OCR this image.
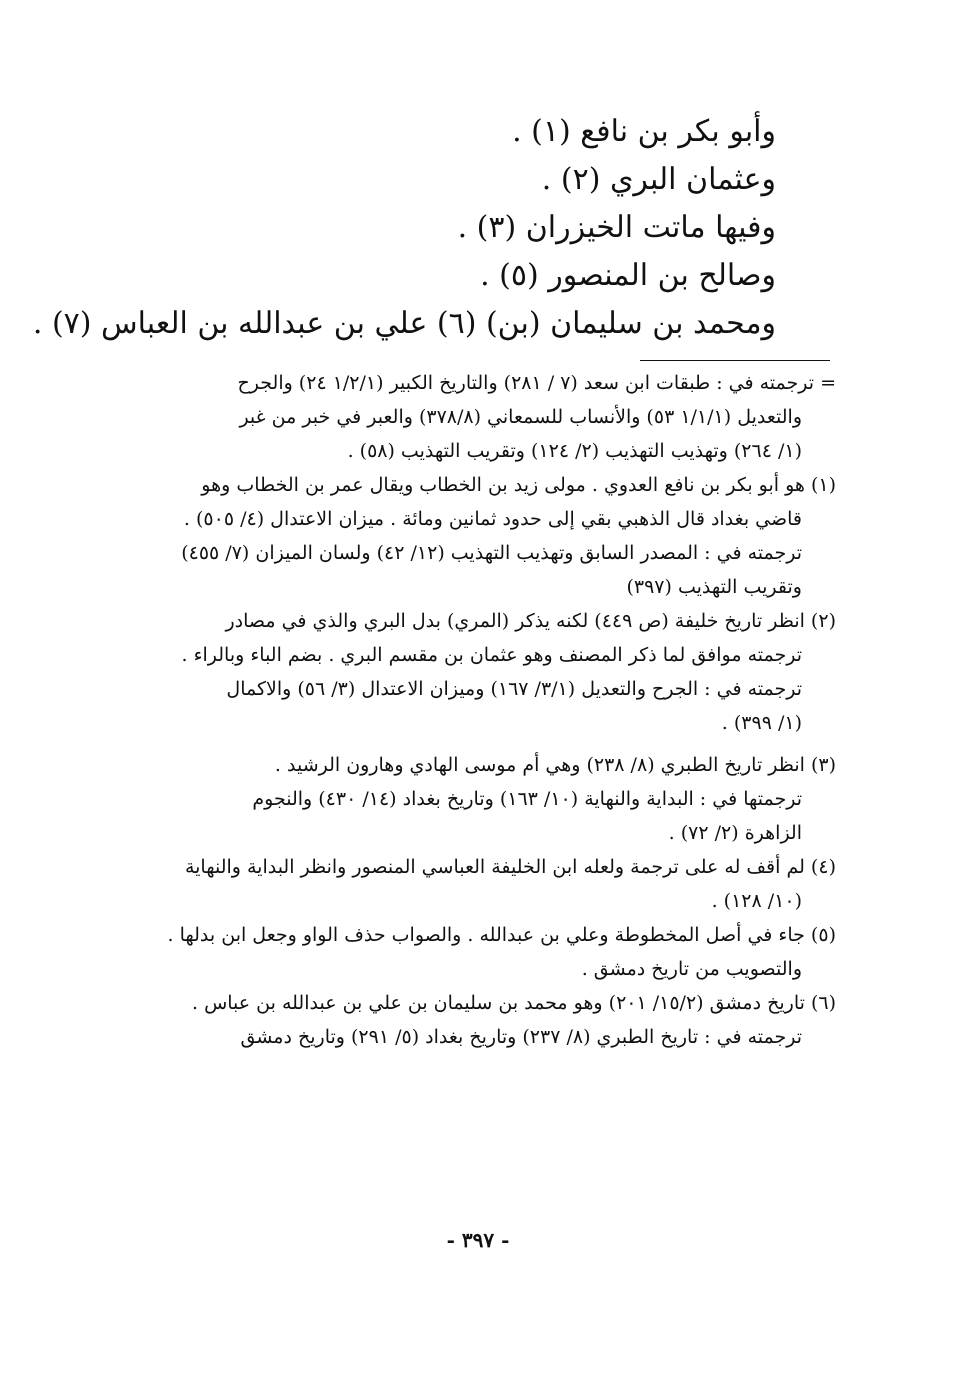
وأبو بكر بن نافع (١) .
وعثمان البري (٢) .
وفيها ماتت الخيزران (٣) .
وصالح بن المنصور (٥) .
ومحمد بن سليمان (بن) (٦) علي بن عبدالله بن العباس (٧) .
= ترجمته في : طبقات ابن سعد (٧ / ٢٨١) والتاريخ الكبير (١/٢/١ ٢٤) والجرح
والتعديل (١/١/١ ٥٣) والأنساب للسمعاني (٣٧٨/٨) والعبر في خبر من غبر
(١/ ٢٦٤) وتهذيب التهذيب (٢/ ١٢٤) وتقريب التهذيب (٥٨) .
(١) هو أبو بكر بن نافع العدوي . مولى زيد بن الخطاب ويقال عمر بن الخطاب وهو
قاضي بغداد قال الذهبي بقي إلى حدود ثمانين ومائة . ميزان الاعتدال (٤/ ٥٠٥) .
ترجمته في : المصدر السابق وتهذيب التهذيب (١٢/ ٤٢) ولسان الميزان (٧/ ٤٥٥)
وتقريب التهذيب (٣٩٧)
(٢) انظر تاريخ خليفة (ص ٤٤٩) لكنه يذكر (المري) بدل البري والذي في مصادر
ترجمته موافق لما ذكر المصنف وهو عثمان بن مقسم البري . بضم الباء وبالراء .
ترجمته في : الجرح والتعديل (٣/١/ ١٦٧) وميزان الاعتدال (٣/ ٥٦) والاكمال
(١/ ٣٩٩) .
(٣) انظر تاريخ الطبري (٨/ ٢٣٨) وهي أم موسى الهادي وهارون الرشيد .
ترجمتها في : البداية والنهاية (١٠/ ١٦٣) وتاريخ بغداد (١٤/ ٤٣٠) والنجوم
الزاهرة (٢/ ٧٢) .
(٤) لم أقف له على ترجمة ولعله ابن الخليفة العباسي المنصور وانظر البداية والنهاية
(١٠/ ١٢٨) .
(٥) جاء في أصل المخطوطة وعلي بن عبدالله . والصواب حذف الواو وجعل ابن بدلها .
والتصويب من تاريخ دمشق .
(٦) تاريخ دمشق (١٥/٢/ ٢٠١) وهو محمد بن سليمان بن علي بن عبدالله بن عباس .
ترجمته في : تاريخ الطبري (٨/ ٢٣٧) وتاريخ بغداد (٥/ ٢٩١) وتاريخ دمشق
- ٣٩٧ -
